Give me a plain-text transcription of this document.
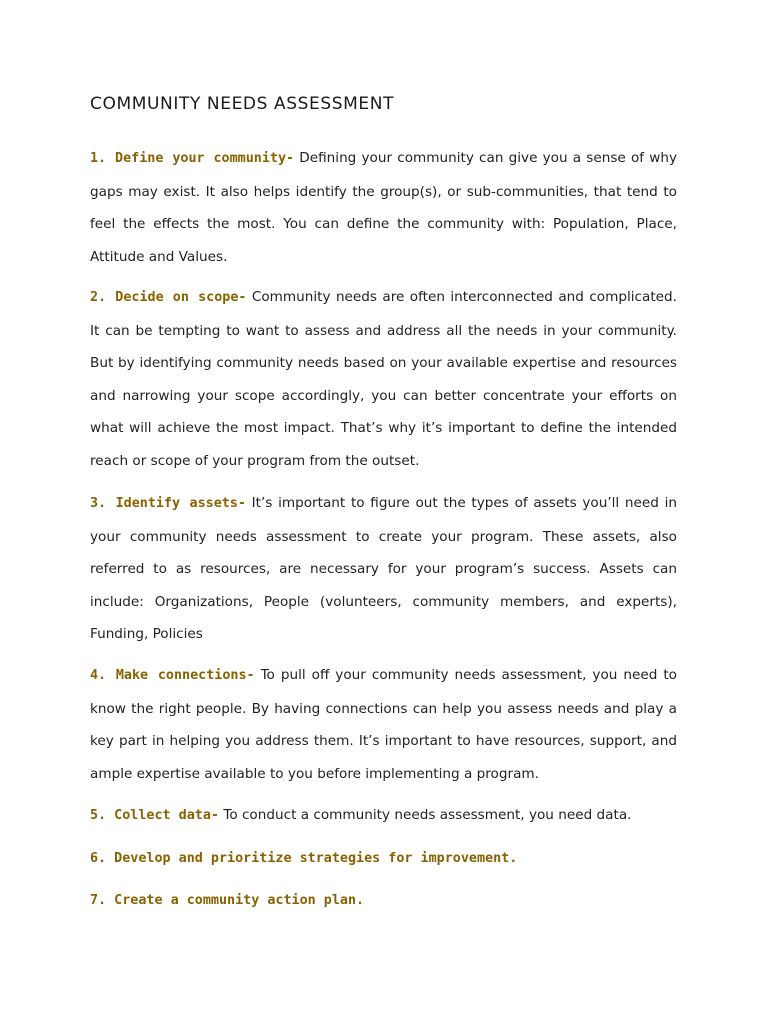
COMMUNITY NEEDS ASSESSMENT

1. Define your community- Defining your community can give you a sense of why gaps may exist. It also helps identify the group(s), or sub-communities, that tend to feel the effects the most. You can define the community with: Population, Place, Attitude and Values.

2. Decide on scope- Community needs are often interconnected and complicated. It can be tempting to want to assess and address all the needs in your community. But by identifying community needs based on your available expertise and resources and narrowing your scope accordingly, you can better concentrate your efforts on what will achieve the most impact. That’s why it’s important to define the intended reach or scope of your program from the outset.

3. Identify assets- It’s important to figure out the types of assets you’ll need in your community needs assessment to create your program. These assets, also referred to as resources, are necessary for your program’s success. Assets can include: Organizations, People (volunteers, community members, and experts), Funding, Policies

4. Make connections- To pull off your community needs assessment, you need to know the right people. By having connections can help you assess needs and play a key part in helping you address them. It’s important to have resources, support, and ample expertise available to you before implementing a program.

5. Collect data- To conduct a community needs assessment, you need data.

6. Develop and prioritize strategies for improvement.

7. Create a community action plan.
